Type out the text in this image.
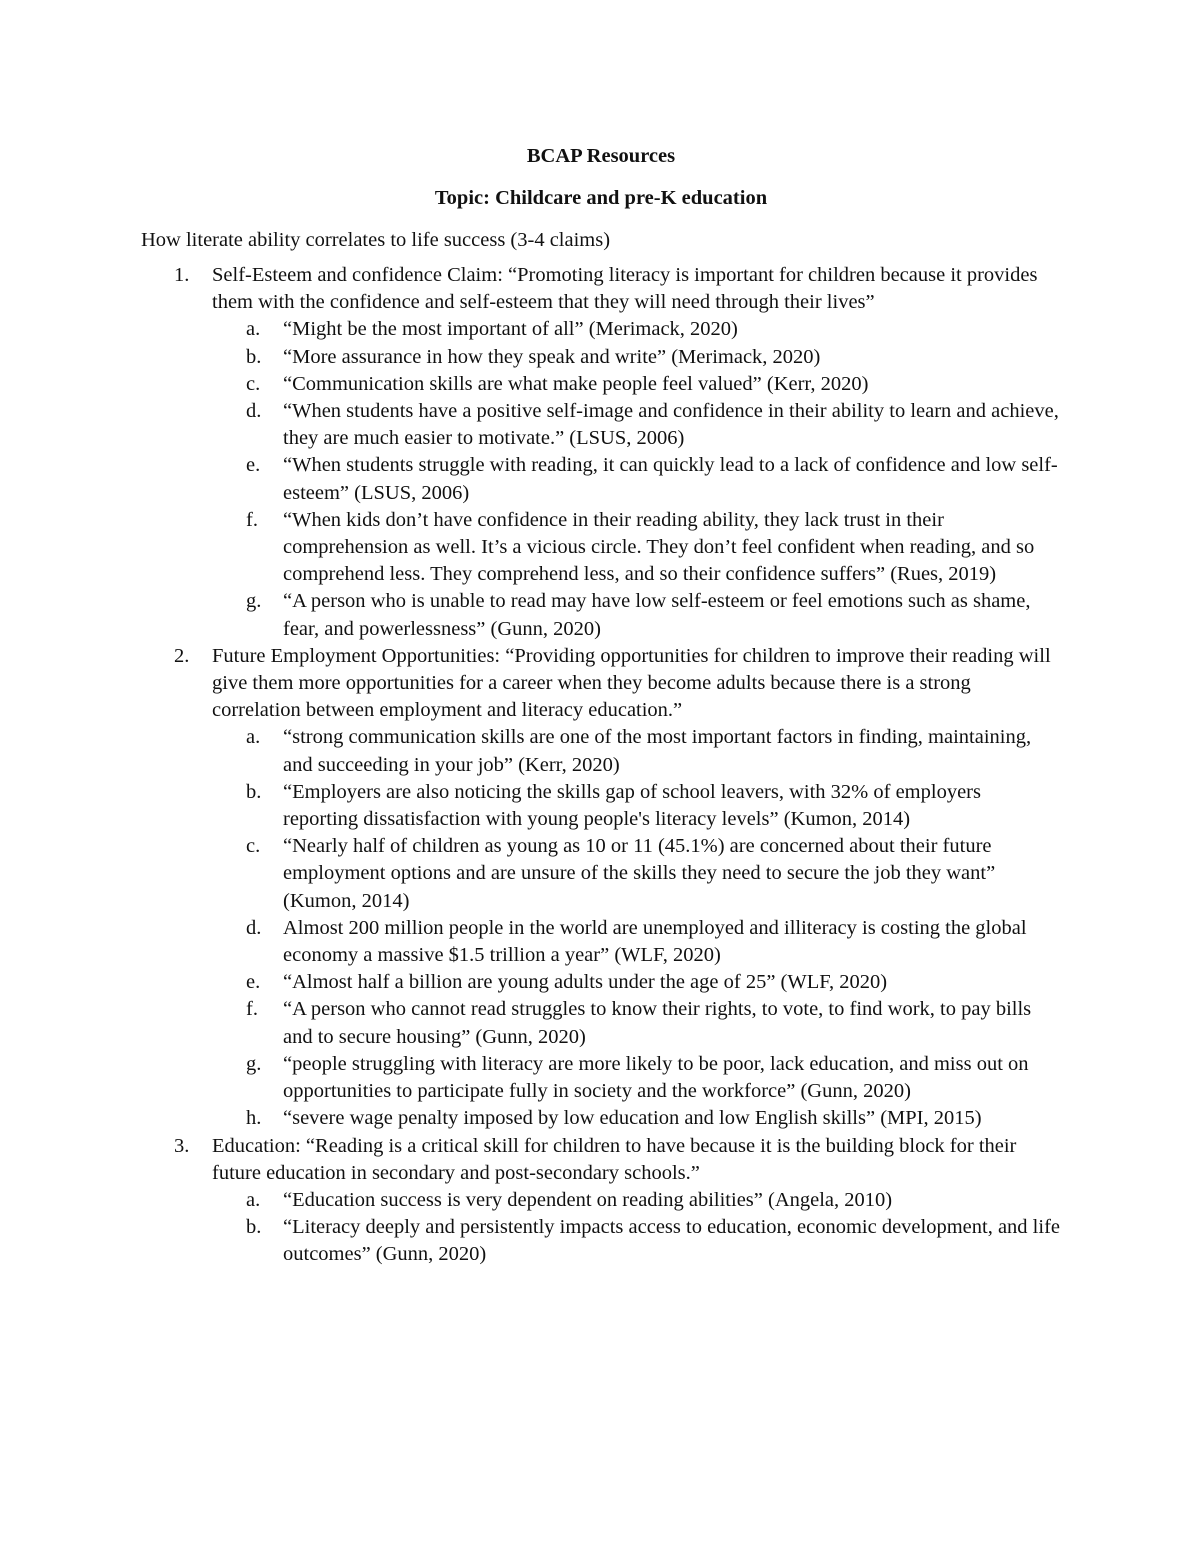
BCAP Resources
Topic: Childcare and pre-K education
How literate ability correlates to life success (3-4 claims)
1. Self-Esteem and confidence Claim: “Promoting literacy is important for children because it provides them with the confidence and self-esteem that they will need through their lives”
a. “Might be the most important of all” (Merimack, 2020)
b. “More assurance in how they speak and write” (Merimack, 2020)
c. “Communication skills are what make people feel valued” (Kerr, 2020)
d. “When students have a positive self-image and confidence in their ability to learn and achieve, they are much easier to motivate.” (LSUS, 2006)
e. “When students struggle with reading, it can quickly lead to a lack of confidence and low self-esteem” (LSUS, 2006)
f. “When kids don’t have confidence in their reading ability, they lack trust in their comprehension as well. It’s a vicious circle. They don’t feel confident when reading, and so comprehend less. They comprehend less, and so their confidence suffers” (Rues, 2019)
g. “A person who is unable to read may have low self-esteem or feel emotions such as shame, fear, and powerlessness” (Gunn, 2020)
2. Future Employment Opportunities: “Providing opportunities for children to improve their reading will give them more opportunities for a career when they become adults because there is a strong correlation between employment and literacy education.”
a. “strong communication skills are one of the most important factors in finding, maintaining, and succeeding in your job” (Kerr, 2020)
b. “Employers are also noticing the skills gap of school leavers, with 32% of employers reporting dissatisfaction with young people's literacy levels” (Kumon, 2014)
c. “Nearly half of children as young as 10 or 11 (45.1%) are concerned about their future employment options and are unsure of the skills they need to secure the job they want” (Kumon, 2014)
d. Almost 200 million people in the world are unemployed and illiteracy is costing the global economy a massive $1.5 trillion a year” (WLF, 2020)
e. “Almost half a billion are young adults under the age of 25” (WLF, 2020)
f. “A person who cannot read struggles to know their rights, to vote, to find work, to pay bills and to secure housing” (Gunn, 2020)
g. “people struggling with literacy are more likely to be poor, lack education, and miss out on opportunities to participate fully in society and the workforce” (Gunn, 2020)
h. “severe wage penalty imposed by low education and low English skills” (MPI, 2015)
3. Education: “Reading is a critical skill for children to have because it is the building block for their future education in secondary and post-secondary schools.”
a. “Education success is very dependent on reading abilities” (Angela, 2010)
b. “Literacy deeply and persistently impacts access to education, economic development, and life outcomes” (Gunn, 2020)
